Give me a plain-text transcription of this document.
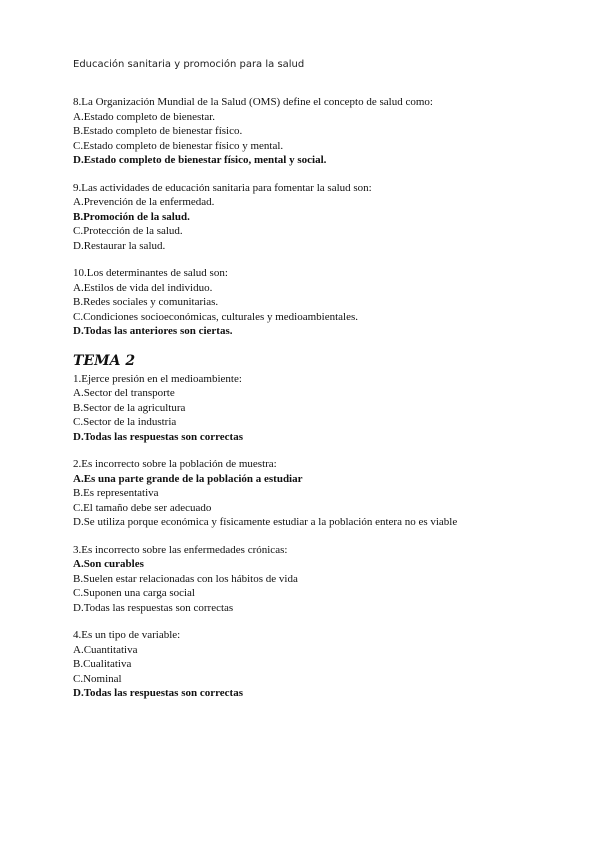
Educación sanitaria y promoción para la salud
8.La Organización Mundial de la Salud (OMS) define el concepto de salud como:
A.Estado completo de bienestar.
B.Estado completo de bienestar físico.
C.Estado completo de bienestar físico y mental.
D.Estado completo de bienestar físico, mental y social.
9.Las actividades de educación sanitaria para fomentar la salud son:
A.Prevención de la enfermedad.
B.Promoción de la salud.
C.Protección de la salud.
D.Restaurar la salud.
10.Los determinantes de salud son:
A.Estilos de vida del individuo.
B.Redes sociales y comunitarias.
C.Condiciones socioeconómicas, culturales y medioambientales.
D.Todas las anteriores son ciertas.
TEMA 2
1.Ejerce presión en el medioambiente:
A.Sector del transporte
B.Sector de la agricultura
C.Sector de la industria
D.Todas las respuestas son correctas
2.Es incorrecto sobre la población de muestra:
A.Es una parte grande de la población a estudiar
B.Es representativa
C.El tamaño debe ser adecuado
D.Se utiliza porque económica y físicamente estudiar a la población entera no es viable
3.Es incorrecto sobre las enfermedades crónicas:
A.Son curables
B.Suelen estar relacionadas con los hábitos de vida
C.Suponen una carga social
D.Todas las respuestas son correctas
4.Es un tipo de variable:
A.Cuantitativa
B.Cualitativa
C.Nominal
D.Todas las respuestas son correctas
